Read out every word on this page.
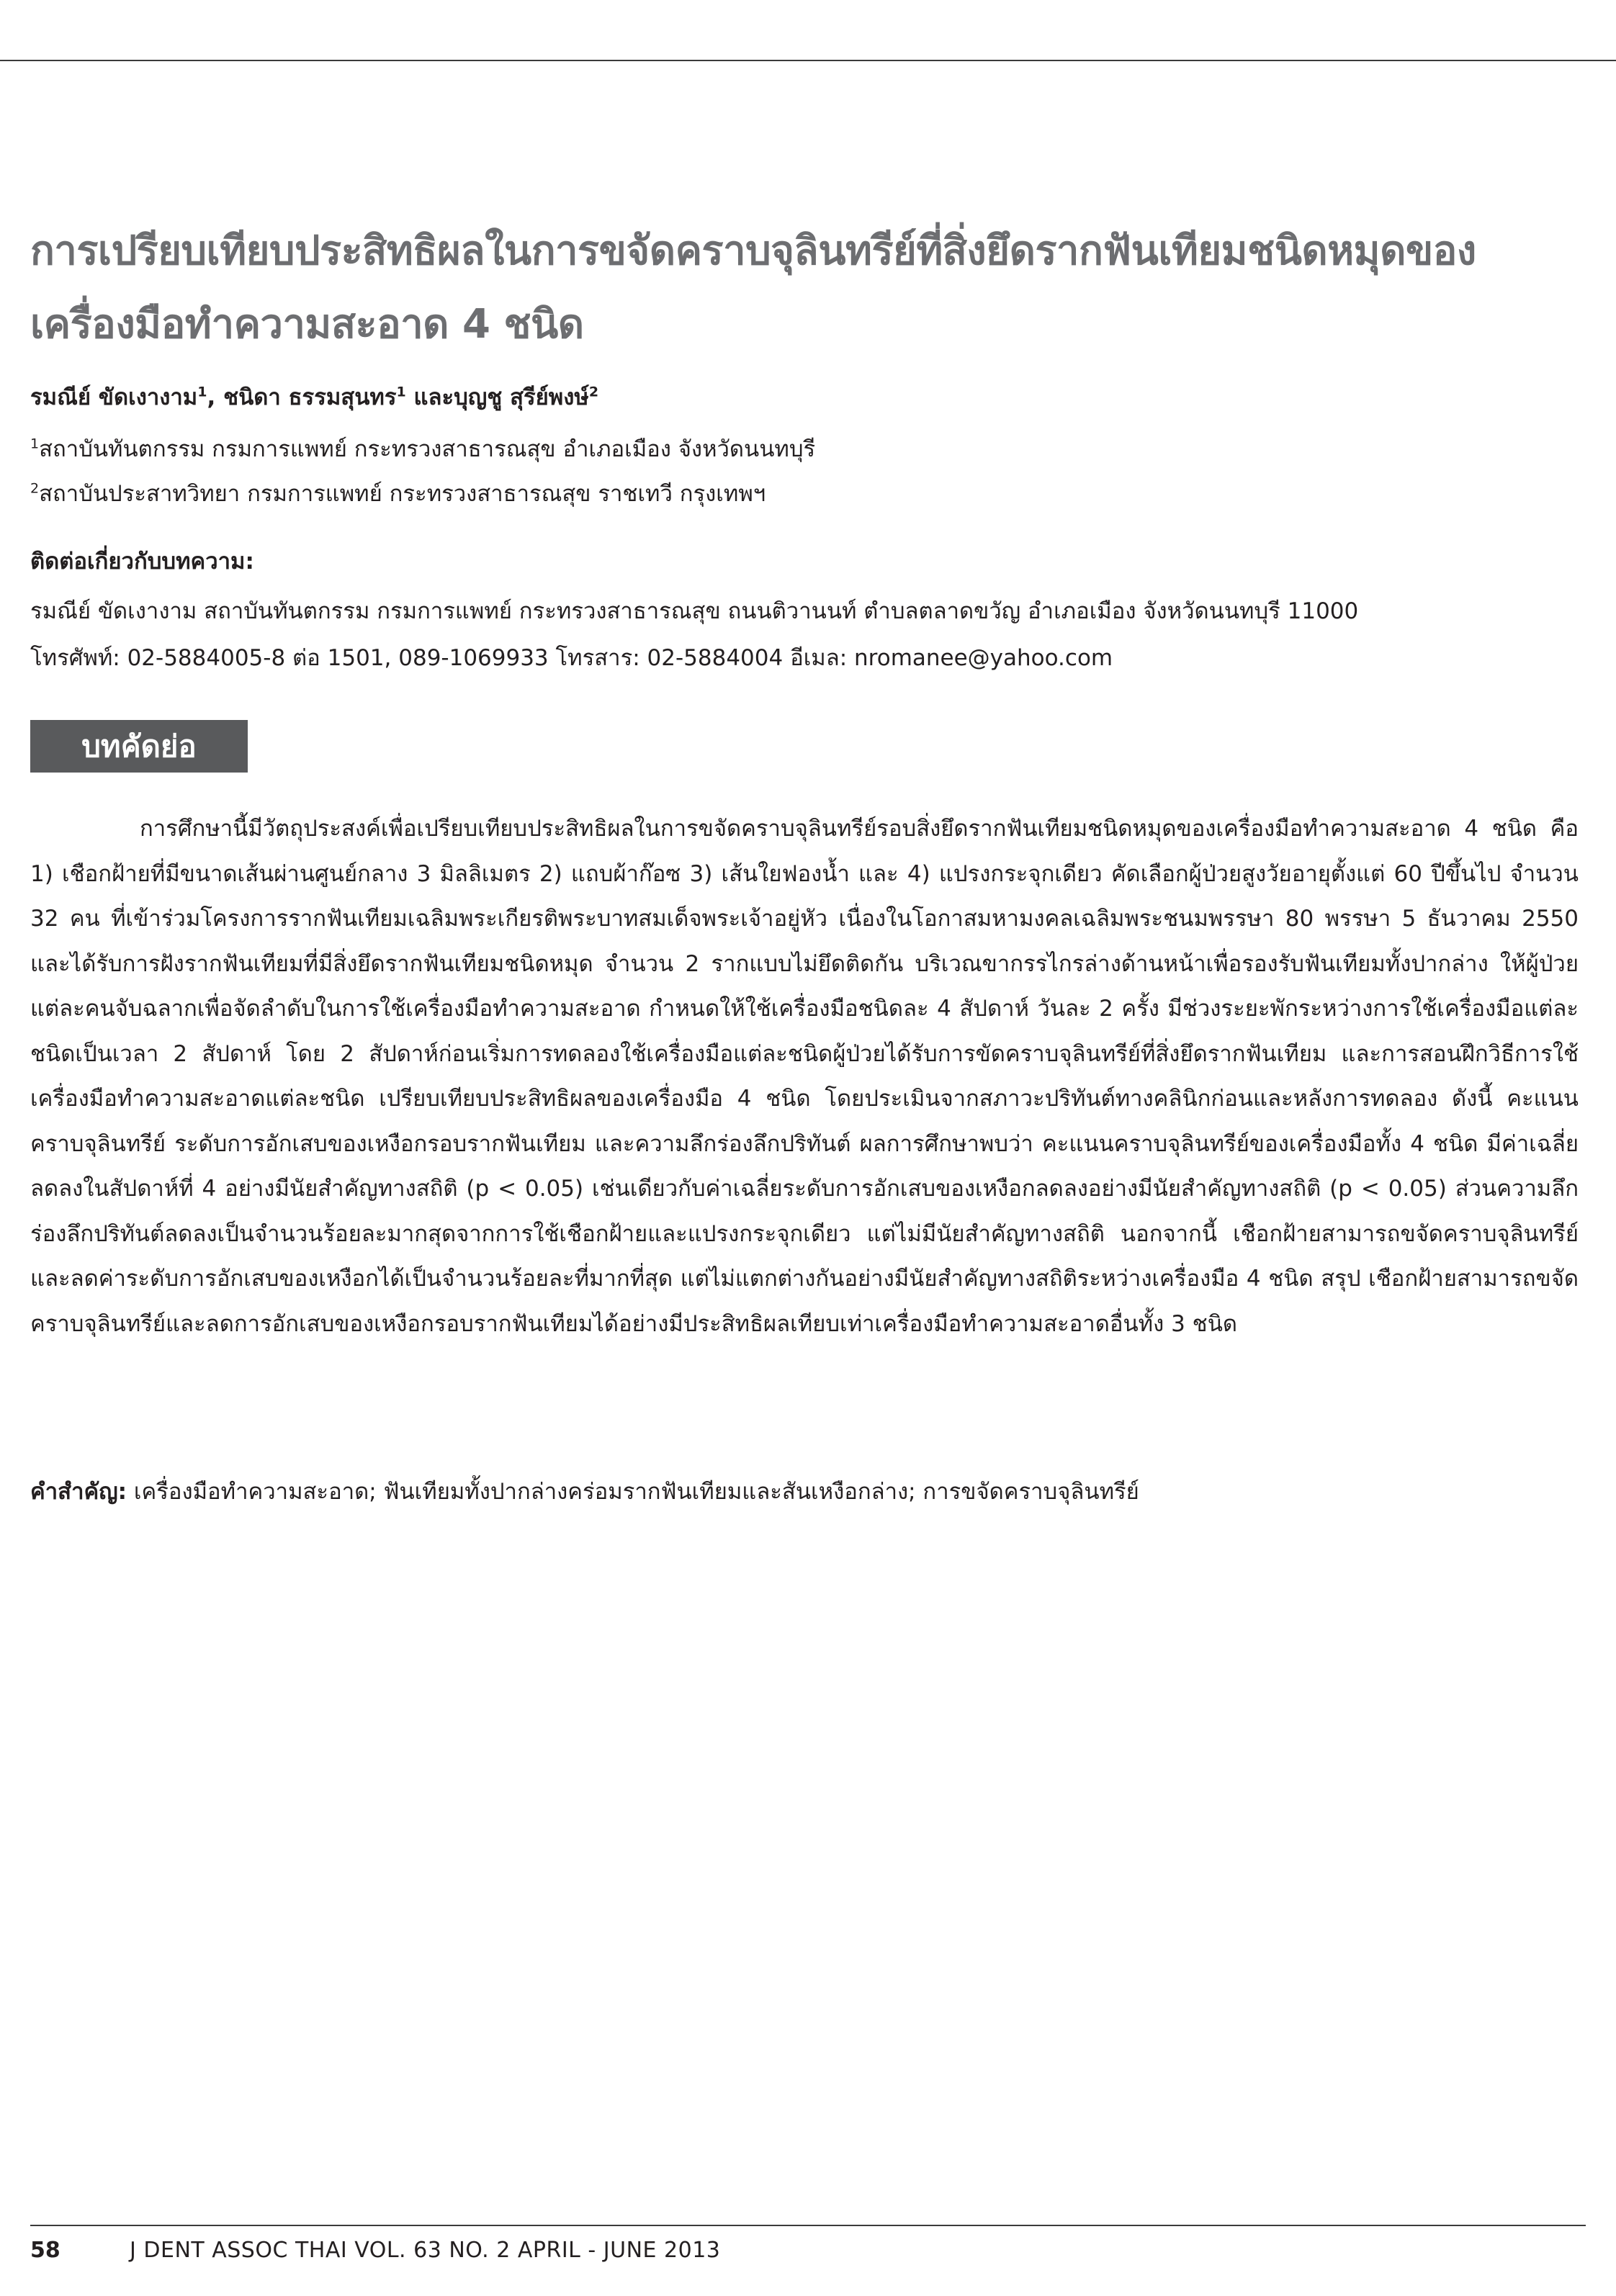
การเปรียบเทียบประสิทธิผลในการขจัดคราบจุลินทรีย์ที่สิ่งยึดรากฟันเทียมชนิดหมุดของ
เครื่องมือทำความสะอาด 4 ชนิด
รมณีย์ ขัดเงางาม$^1$, ชนิดา ธรรมสุนทร$^1$ และบุญชู สุรีย์พงษ์$^2$
$^1$สถาบันทันตกรรม กรมการแพทย์ กระทรวงสาธารณสุข อำเภอเมือง จังหวัดนนทบุรี
$^2$สถาบันประสาทวิทยา กรมการแพทย์ กระทรวงสาธารณสุข ราชเทวี กรุงเทพฯ
ติดต่อเกี่ยวกับบทความ:
รมณีย์ ขัดเงางาม สถาบันทันตกรรม กรมการแพทย์ กระทรวงสาธารณสุข ถนนติวานนท์ ตำบลตลาดขวัญ อำเภอเมือง จังหวัดนนทบุรี 11000
โทรศัพท์: 02-5884005-8 ต่อ 1501, 089-1069933 โทรสาร: 02-5884004 อีเมล: nromanee@yahoo.com
บทคัดย่อ

การศึกษานี้มีวัตถุประสงค์เพื่อเปรียบเทียบประสิทธิผลในการขจัดคราบจุลินทรีย์รอบสิ่งยึดรากฟันเทียมชนิดหมุดของเครื่องมือทำความสะอาด 4 ชนิด คือ 1) เชือกฝ้ายที่มีขนาดเส้นผ่านศูนย์กลาง 3 มิลลิเมตร 2) แถบผ้าก๊อซ 3) เส้นใยฟองน้ำ และ 4) แปรงกระจุกเดียว คัดเลือกผู้ป่วยสูงวัยอายุตั้งแต่ 60 ปีขึ้นไป จำนวน 32 คน ที่เข้าร่วมโครงการรากฟันเทียมเฉลิมพระเกียรติพระบาทสมเด็จพระเจ้าอยู่หัว เนื่องในโอกาสมหามงคลเฉลิมพระชนมพรรษา 80 พรรษา 5 ธันวาคม 2550 และได้รับการฝังรากฟันเทียมที่มีสิ่งยึดรากฟันเทียมชนิดหมุด จำนวน 2 รากแบบไม่ยึดติดกัน บริเวณขากรรไกรล่างด้านหน้าเพื่อรองรับฟันเทียมทั้งปากล่าง ให้ผู้ป่วยแต่ละคนจับฉลากเพื่อจัดลำดับในการใช้เครื่องมือทำความสะอาด กำหนดให้ใช้เครื่องมือชนิดละ 4 สัปดาห์ วันละ 2 ครั้ง มีช่วงระยะพักระหว่างการใช้เครื่องมือแต่ละชนิดเป็นเวลา 2 สัปดาห์ โดย 2 สัปดาห์ก่อนเริ่มการทดลองใช้เครื่องมือแต่ละชนิดผู้ป่วยได้รับการขัดคราบจุลินทรีย์ที่สิ่งยึดรากฟันเทียม และการสอนฝึกวิธีการใช้เครื่องมือทำความสะอาดแต่ละชนิด เปรียบเทียบประสิทธิผลของเครื่องมือ 4 ชนิด โดยประเมินจากสภาวะปริทันต์ทางคลินิกก่อนและหลังการทดลอง ดังนี้ คะแนนคราบจุลินทรีย์ ระดับการอักเสบของเหงือกรอบรากฟันเทียม และความลึกร่องลึกปริทันต์ ผลการศึกษาพบว่า คะแนนคราบจุลินทรีย์ของเครื่องมือทั้ง 4 ชนิด มีค่าเฉลี่ยลดลงในสัปดาห์ที่ 4 อย่างมีนัยสำคัญทางสถิติ (p < 0.05) เช่นเดียวกับค่าเฉลี่ยระดับการอักเสบของเหงือกลดลงอย่างมีนัยสำคัญทางสถิติ (p < 0.05) ส่วนความลึกร่องลึกปริทันต์ลดลงเป็นจำนวนร้อยละมากสุดจากการใช้เชือกฝ้ายและแปรงกระจุกเดียว แต่ไม่มีนัยสำคัญทางสถิติ นอกจากนี้ เชือกฝ้ายสามารถขจัดคราบจุลินทรีย์และลดค่าระดับการอักเสบของเหงือกได้เป็นจำนวนร้อยละที่มากที่สุด แต่ไม่แตกต่างกันอย่างมีนัยสำคัญทางสถิติระหว่างเครื่องมือ 4 ชนิด สรุป เชือกฝ้ายสามารถขจัดคราบจุลินทรีย์และลดการอักเสบของเหงือกรอบรากฟันเทียมได้อย่างมีประสิทธิผลเทียบเท่าเครื่องมือทำความสะอาดอื่นทั้ง 3 ชนิด

คำสำคัญ: เครื่องมือทำความสะอาด; ฟันเทียมทั้งปากล่างคร่อมรากฟันเทียมและสันเหงือกล่าง; การขจัดคราบจุลินทรีย์
58	J DENT ASSOC THAI VOL. 63 NO. 2 APRIL - JUNE 2013
